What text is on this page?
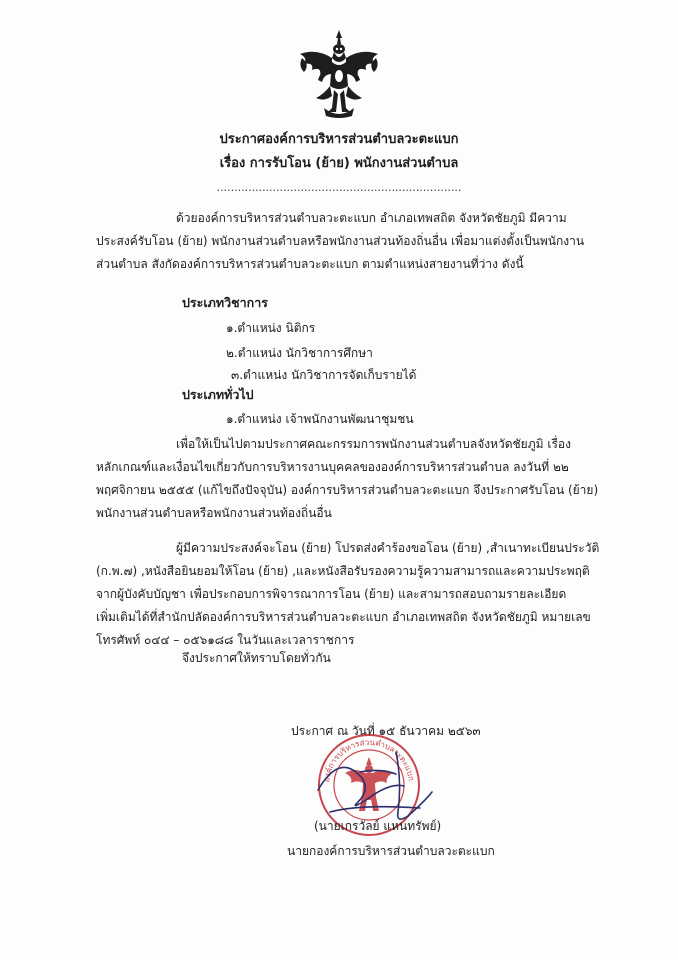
ประกาศองค์การบริหารส่วนตำบลวะตะแบก
เรื่อง การรับโอน (ย้าย) พนักงานส่วนตำบล
......................................................................
ด้วยองค์การบริหารส่วนตำบลวะตะแบก อำเภอเทพสถิต จังหวัดชัยภูมิ มีความ
ประสงค์รับโอน (ย้าย) พนักงานส่วนตำบลหรือพนักงานส่วนท้องถิ่นอื่น เพื่อมาแต่งตั้งเป็นพนักงาน
ส่วนตำบล สังกัดองค์การบริหารส่วนตำบลวะตะแบก ตามตำแหน่งสายงานที่ว่าง ดังนี้
ประเภทวิชาการ
๑.ตำแหน่ง นิติกร
๒.ตำแหน่ง นักวิชาการศึกษา
๓.ตำแหน่ง นักวิชาการจัดเก็บรายได้
ประเภททั่วไป
๑.ตำแหน่ง เจ้าพนักงานพัฒนาชุมชน
เพื่อให้เป็นไปตามประกาศคณะกรรมการพนักงานส่วนตำบลจังหวัดชัยภูมิ เรื่อง
หลักเกณฑ์และเงื่อนไขเกี่ยวกับการบริหารงานบุคคลขององค์การบริหารส่วนตำบล ลงวันที่ ๒๒
พฤศจิกายน ๒๕๕๕ (แก้ไขถึงปัจจุบัน) องค์การบริหารส่วนตำบลวะตะแบก จึงประกาศรับโอน (ย้าย)
พนักงานส่วนตำบลหรือพนักงานส่วนท้องถิ่นอื่น
ผู้มีความประสงค์จะโอน (ย้าย) โปรดส่งคำร้องขอโอน (ย้าย) ,สำเนาทะเบียนประวัติ
(ก.พ.๗) ,หนังสือยินยอมให้โอน (ย้าย) ,และหนังสือรับรองความรู้ความสามารถและความประพฤติ
จากผู้บังคับบัญชา เพื่อประกอบการพิจารณาการโอน (ย้าย) และสามารถสอบถามรายละเอียด
เพิ่มเติมได้ที่สำนักปลัดองค์การบริหารส่วนตำบลวะตะแบก อำเภอเทพสถิต จังหวัดชัยภูมิ หมายเลข
โทรศัพท์ ๐๔๔ – ๐๕๖๑๘๘ ในวันและเวลาราชการ
จึงประกาศให้ทราบโดยทั่วกัน
ประกาศ ณ วันที่ ๑๕ ธันวาคม ๒๕๖๓
องค์การบริหารส่วนตำบลวะตะแบก
(นายเกรวัลย์ แหนทรัพย์)
นายกองค์การบริหารส่วนตำบลวะตะแบก
